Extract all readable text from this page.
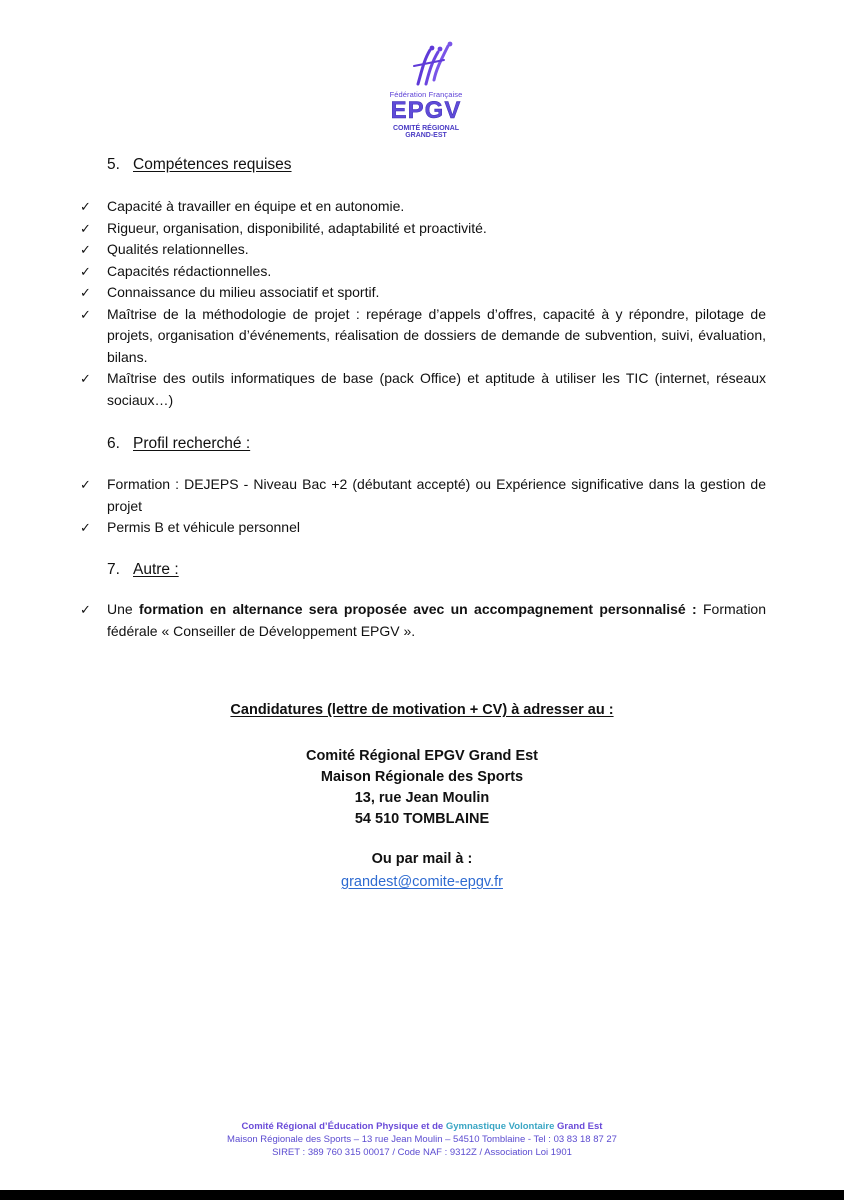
Fédération Française
EPGV
COMITÉ RÉGIONAL
GRAND-EST
5. Compétences requises
✓ Capacité à travailler en équipe et en autonomie.
✓ Rigueur, organisation, disponibilité, adaptabilité et proactivité.
✓ Qualités relationnelles.
✓ Capacités rédactionnelles.
✓ Connaissance du milieu associatif et sportif.
✓ Maîtrise de la méthodologie de projet : repérage d’appels d’offres, capacité à y répondre, pilotage de projets, organisation d’événements, réalisation de dossiers de demande de subvention, suivi, évaluation, bilans.
✓ Maîtrise des outils informatiques de base (pack Office) et aptitude à utiliser les TIC (internet, réseaux sociaux…)
6. Profil recherché :
✓ Formation : DEJEPS - Niveau Bac +2 (débutant accepté) ou Expérience significative dans la gestion de projet
✓ Permis B et véhicule personnel
7. Autre :
✓ Une formation en alternance sera proposée avec un accompagnement personnalisé : Formation fédérale « Conseiller de Développement EPGV ».
Candidatures (lettre de motivation + CV) à adresser au :
Comité Régional EPGV Grand Est
Maison Régionale des Sports
13, rue Jean Moulin
54 510 TOMBLAINE
Ou par mail à :
grandest@comite-epgv.fr
Comité Régional d’Éducation Physique et de Gymnastique Volontaire Grand Est
Maison Régionale des Sports – 13 rue Jean Moulin – 54510 Tomblaine - Tel : 03 83 18 87 27
SIRET : 389 760 315 00017 / Code NAF : 9312Z / Association Loi 1901
